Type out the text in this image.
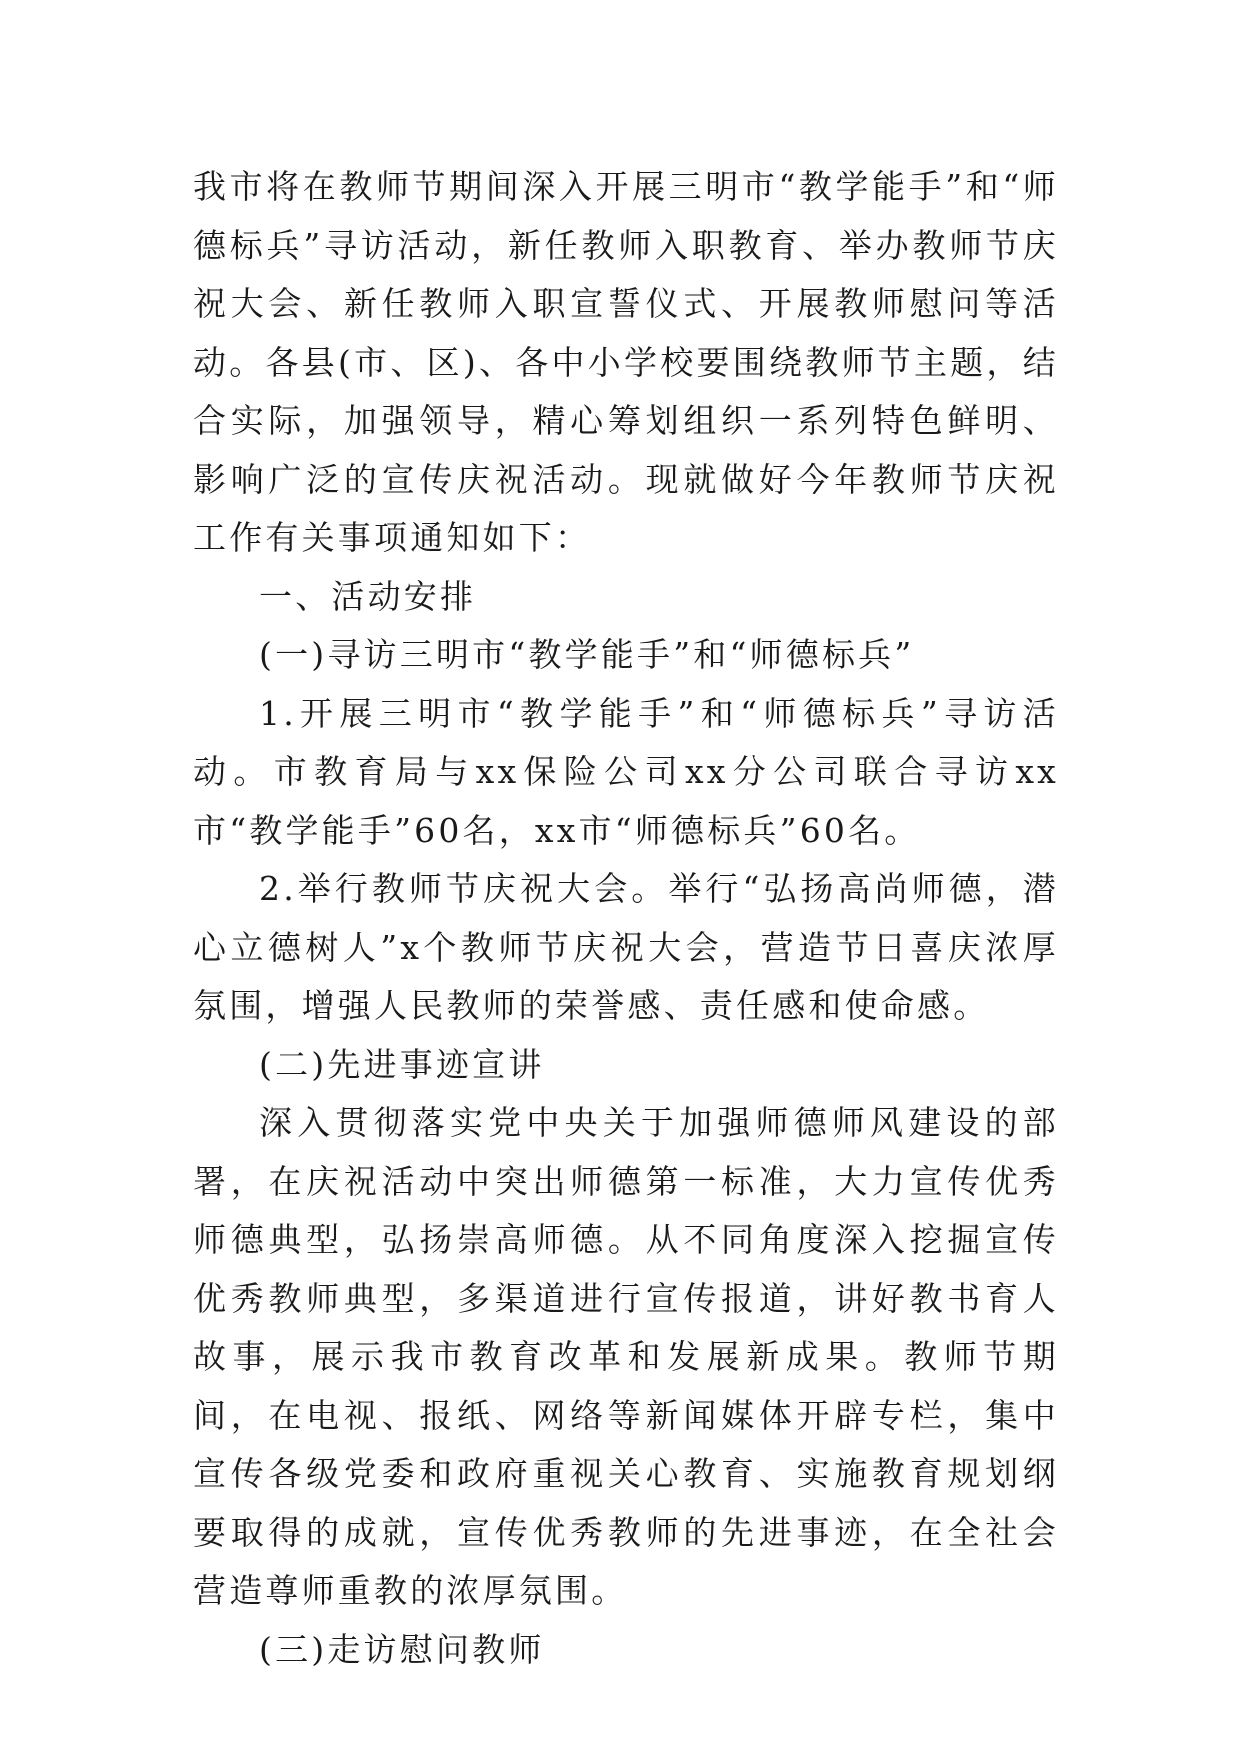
我市将在教师节期间深入开展三明市“教学能手”和“师德标兵”寻访活动，新任教师入职教育、举办教师节庆祝大会、新任教师入职宣誓仪式、开展教师慰问等活动。各县(市、区)、各中小学校要围绕教师节主题，结合实际，加强领导，精心筹划组织一系列特色鲜明、影响广泛的宣传庆祝活动。现就做好今年教师节庆祝工作有关事项通知如下：

一、活动安排

(一)寻访三明市“教学能手”和“师德标兵”

1.开展三明市“教学能手”和“师德标兵”寻访活动。市教育局与xx保险公司xx分公司联合寻访xx市“教学能手”60名，xx市“师德标兵”60名。

2.举行教师节庆祝大会。举行“弘扬高尚师德，潜心立德树人”x个教师节庆祝大会，营造节日喜庆浓厚氛围，增强人民教师的荣誉感、责任感和使命感。

(二)先进事迹宣讲

深入贯彻落实党中央关于加强师德师风建设的部署，在庆祝活动中突出师德第一标准，大力宣传优秀师德典型，弘扬崇高师德。从不同角度深入挖掘宣传优秀教师典型，多渠道进行宣传报道，讲好教书育人故事，展示我市教育改革和发展新成果。教师节期间，在电视、报纸、网络等新闻媒体开辟专栏，集中宣传各级党委和政府重视关心教育、实施教育规划纲要取得的成就，宣传优秀教师的先进事迹，在全社会营造尊师重教的浓厚氛围。

(三)走访慰问教师
